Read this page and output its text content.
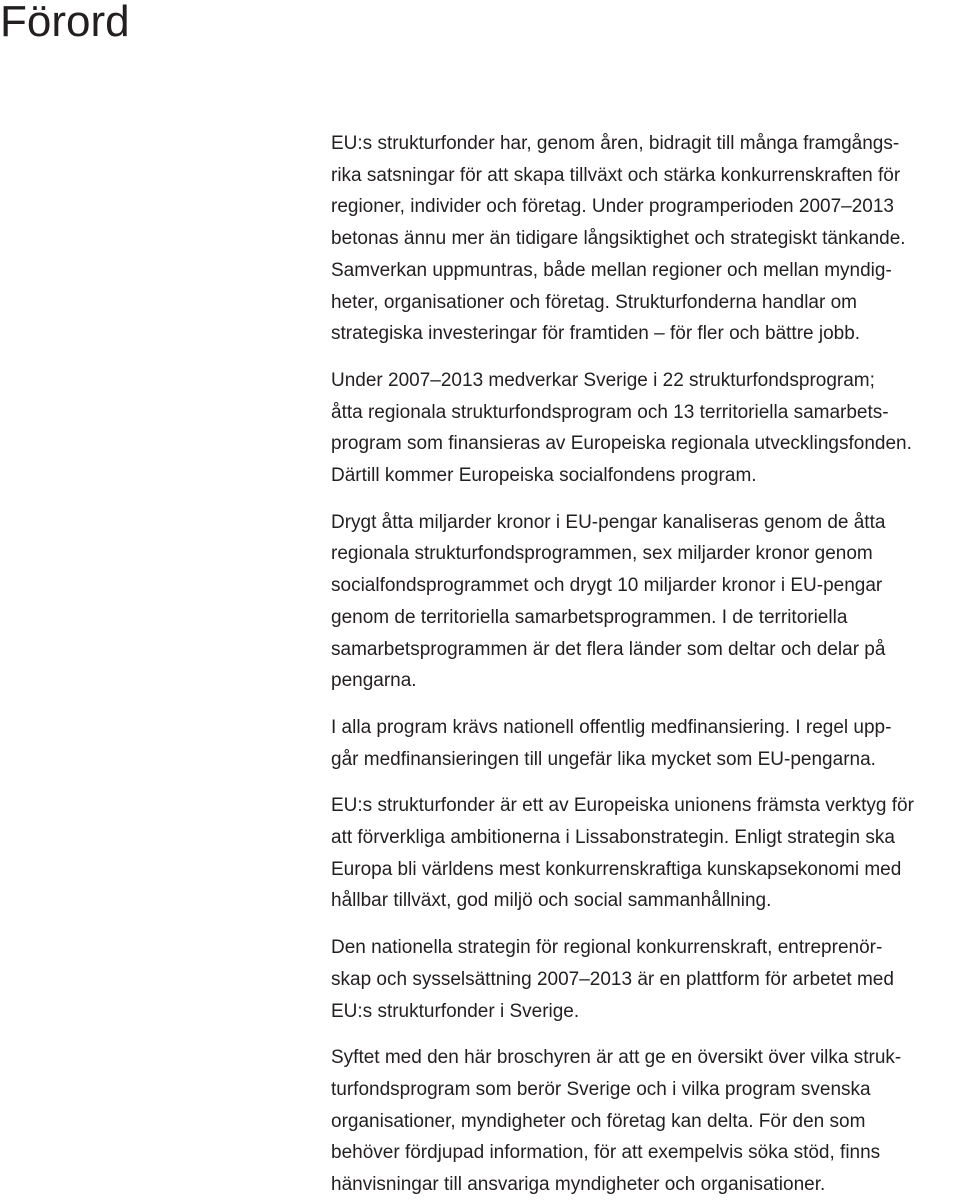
Förord

EU:s strukturfonder har, genom åren, bidragit till många framgångs-
rika satsningar för att skapa tillväxt och stärka konkurrenskraften för
regioner, individer och företag. Under programperioden 2007–2013
betonas ännu mer än tidigare långsiktighet och strategiskt tänkande.
Samverkan uppmuntras, både mellan regioner och mellan myndig-
heter, organisationer och företag. Strukturfonderna handlar om
strategiska investeringar för framtiden – för fler och bättre jobb.

Under 2007–2013 medverkar Sverige i 22 strukturfondsprogram;
åtta regionala strukturfondsprogram och 13 territoriella samarbets-
program som finansieras av Europeiska regionala utvecklingsfonden.
Därtill kommer Europeiska socialfondens program.

Drygt åtta miljarder kronor i EU-pengar kanaliseras genom de åtta
regionala strukturfondsprogrammen, sex miljarder kronor genom
socialfondsprogrammet och drygt 10 miljarder kronor i EU-pengar
genom de territoriella samarbetsprogrammen. I de territoriella
samarbetsprogrammen är det flera länder som deltar och delar på
pengarna.

I alla program krävs nationell offentlig medfinansiering. I regel upp-
går medfinansieringen till ungefär lika mycket som EU-pengarna.

EU:s strukturfonder är ett av Europeiska unionens främsta verktyg för
att förverkliga ambitionerna i Lissabonstrategin. Enligt strategin ska
Europa bli världens mest konkurrenskraftiga kunskapsekonomi med
hållbar tillväxt, god miljö och social sammanhållning.

Den nationella strategin för regional konkurrenskraft, entreprenör-
skap och sysselsättning 2007–2013 är en plattform för arbetet med
EU:s strukturfonder i Sverige.

Syftet med den här broschyren är att ge en översikt över vilka struk-
turfondsprogram som berör Sverige och i vilka program svenska
organisationer, myndigheter och företag kan delta. För den som
behöver fördjupad information, för att exempelvis söka stöd, finns
hänvisningar till ansvariga myndigheter och organisationer.
